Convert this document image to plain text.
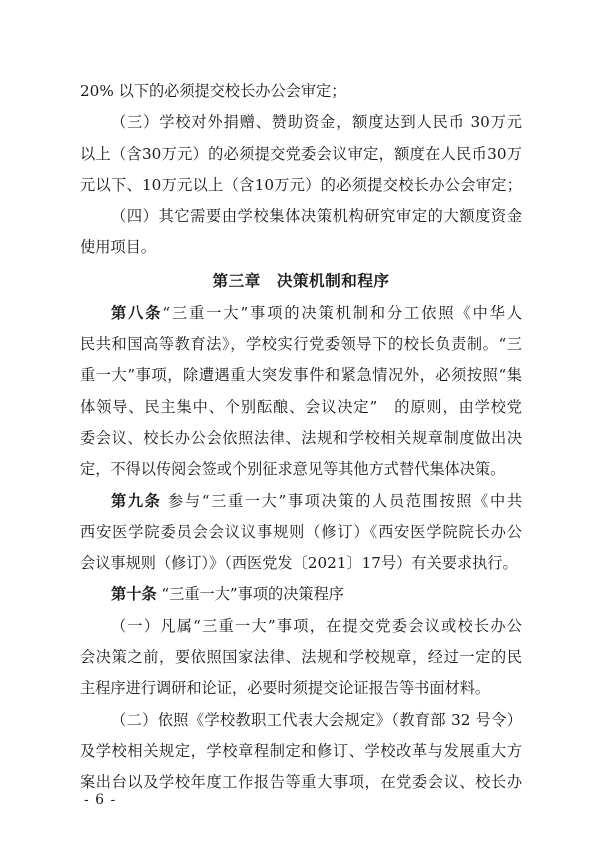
20% 以下的必须提交校长办公会审定；
（三）学校对外捐赠、赞助资金，额度达到人民币 30万元
以上（含30万元）的必须提交党委会议审定，额度在人民币30万
元以下、10万元以上（含10万元）的必须提交校长办公会审定；
（四）其它需要由学校集体决策机构研究审定的大额度资金
使用项目。
第三章　决策机制和程序
第八条“三重一大”事项的决策机制和分工依照《中华人
民共和国高等教育法》，学校实行党委领导下的校长负责制。“三
重一大”事项，除遭遇重大突发事件和紧急情况外，必须按照“集
体领导、民主集中、个别酝酿、会议决定”　的原则，由学校党
委会议、校长办公会依照法律、法规和学校相关规章制度做出决
定，不得以传阅会签或个别征求意见等其他方式替代集体决策。
第九条 参与“三重一大”事项决策的人员范围按照《中共
西安医学院委员会会议议事规则（修订）《西安医学院院长办公
会议事规则（修订）》（西医党发〔2021〕17号）有关要求执行。
第十条 “三重一大”事项的决策程序
（一）凡属“三重一大”事项，在提交党委会议或校长办公
会决策之前，要依照国家法律、法规和学校规章，经过一定的民
主程序进行调研和论证，必要时须提交论证报告等书面材料。
（二）依照《学校教职工代表大会规定》（教育部 32 号令）
及学校相关规定，学校章程制定和修订、学校改革与发展重大方
案出台以及学校年度工作报告等重大事项，在党委会议、校长办
- 6 -
